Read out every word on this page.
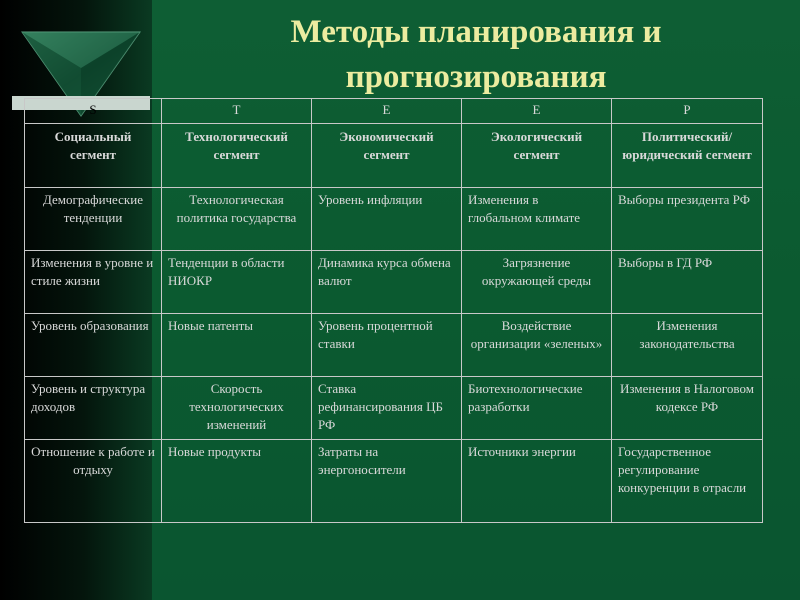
Методы планирования и
прогнозирования
S	T	E	E	P
Социальный сегмент	Технологический сегмент	Экономический сегмент	Экологический сегмент	Политический/ юридический сегмент
Демографические тенденции	Технологическая политика государства	Уровень инфляции	Изменения в глобальном климате	Выборы президента РФ
Изменения в уровне и стиле жизни	Тенденции в области НИОКР	Динамика курса обмена валют	Загрязнение окружающей среды	Выборы в ГД РФ
Уровень образования	Новые патенты	Уровень процентной ставки	Воздействие организации «зеленых»	Изменения законодательства
Уровень и структура доходов	Скорость технологических изменений	Ставка рефинансирования ЦБ РФ	Биотехнологические разработки	Изменения в Налоговом кодексе РФ
Отношение к работе и отдыху	Новые продукты	Затраты на энергоносители	Источники энергии	Государственное регулирование конкуренции в отрасли
